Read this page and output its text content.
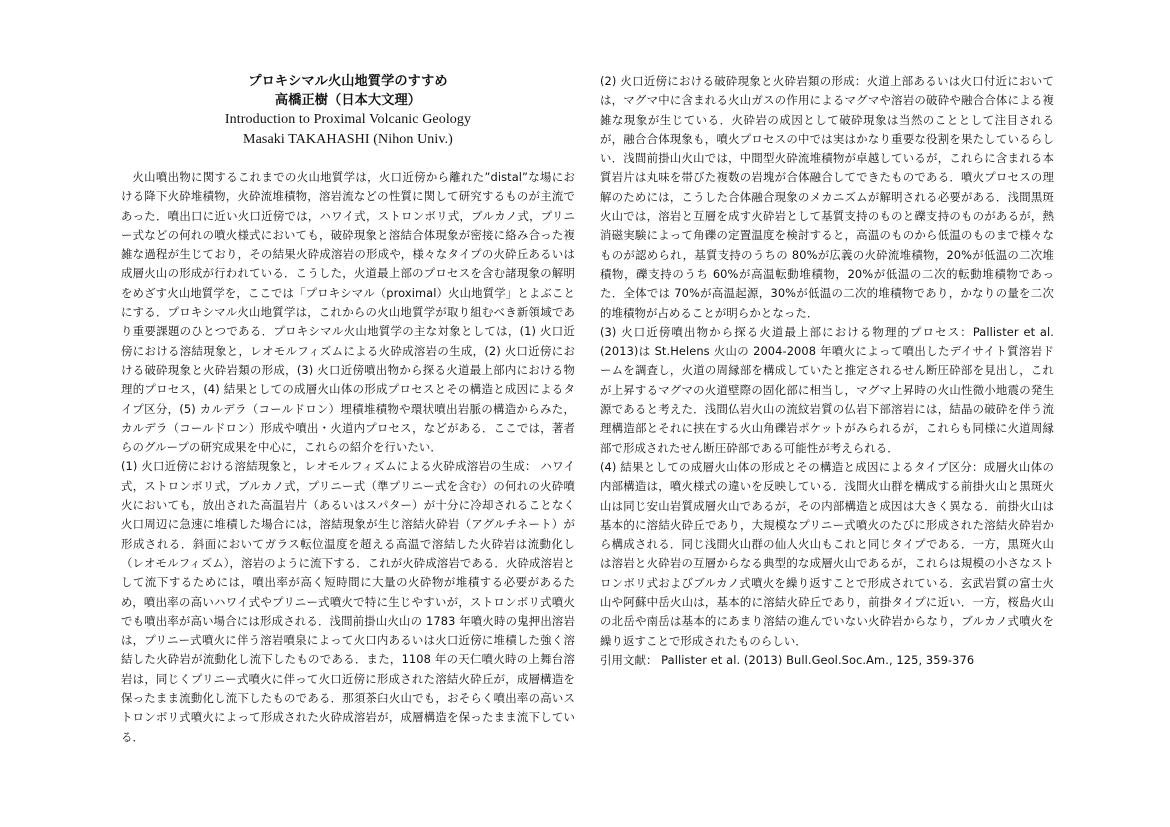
プロキシマル火山地質学のすすめ
高橋正樹（日本大文理）
Introduction to Proximal Volcanic Geology
Masaki TAKAHASHI (Nihon Univ.)

火山噴出物に関するこれまでの火山地質学は，火口近傍から離れた”distal”な場における降下火砕堆積物，火砕流堆積物，溶岩流などの性質に関して研究するものが主流であった．噴出口に近い火口近傍では，ハワイ式，ストロンボリ式，ブルカノ式，プリニー式などの何れの噴火様式においても，破砕現象と溶結合体現象が密接に絡み合った複雑な過程が生じており，その結果火砕成溶岩の形成や，様々なタイプの火砕丘あるいは成層火山の形成が行われている．こうした，火道最上部のプロセスを含む諸現象の解明をめざす火山地質学を，ここでは「プロキシマル（proximal）火山地質学」とよぶことにする．プロキシマル火山地質学は，これからの火山地質学が取り組むべき新領域であり重要課題のひとつである．プロキシマル火山地質学の主な対象としては，(1) 火口近傍における溶結現象と，レオモルフィズムによる火砕成溶岩の生成，(2) 火口近傍における破砕現象と火砕岩類の形成，(3) 火口近傍噴出物から探る火道最上部内における物理的プロセス，(4) 結果としての成層火山体の形成プロセスとその構造と成因によるタイプ区分，(5) カルデラ（コールドロン）埋積堆積物や環状噴出岩脈の構造からみた，カルデラ（コールドロン）形成や噴出・火道内プロセス，などがある．ここでは，著者らのグループの研究成果を中心に，これらの紹介を行いたい．

(1) 火口近傍における溶結現象と，レオモルフィズムによる火砕成溶岩の生成： ハワイ式，ストロンボリ式，ブルカノ式，プリニー式（準プリニー式を含む）の何れの火砕噴火においても，放出された高温岩片（あるいはスパター）が十分に冷却されることなく火口周辺に急速に堆積した場合には，溶結現象が生じ溶結火砕岩（アグルチネート）が形成される．斜面においてガラス転位温度を超える高温で溶結した火砕岩は流動化し（レオモルフィズム），溶岩のように流下する．これが火砕成溶岩である．火砕成溶岩として流下するためには，噴出率が高く短時間に大量の火砕物が堆積する必要があるため，噴出率の高いハワイ式やプリニー式噴火で特に生じやすいが，ストロンボリ式噴火でも噴出率が高い場合には形成される．浅間前掛山火山の 1783 年噴火時の鬼押出溶岩は，プリニー式噴火に伴う溶岩噴泉によって火口内あるいは火口近傍に堆積した強く溶結した火砕岩が流動化し流下したものである．また，1108 年の天仁噴火時の上舞台溶岩は，同じくプリニー式噴火に伴って火口近傍に形成された溶結火砕丘が，成層構造を保ったまま流動化し流下したものである．那須茶臼火山でも，おそらく噴出率の高いストロンボリ式噴火によって形成された火砕成溶岩が，成層構造を保ったまま流下している．

(2) 火口近傍における破砕現象と火砕岩類の形成：火道上部あるいは火口付近においては，マグマ中に含まれる火山ガスの作用によるマグマや溶岩の破砕や融合合体による複雑な現象が生じている．火砕岩の成因として破砕現象は当然のこととして注目されるが，融合合体現象も，噴火プロセスの中では実はかなり重要な役割を果たしているらしい．浅間前掛山火山では，中間型火砕流堆積物が卓越しているが，これらに含まれる本質岩片は丸味を帯びた複数の岩塊が合体融合してできたものである．噴火プロセスの理解のためには，こうした合体融合現象のメカニズムが解明される必要がある．浅間黒斑火山では，溶岩と互層を成す火砕岩として基質支持のものと礫支持のものがあるが，熱消磁実験によって角礫の定置温度を検討すると，高温のものから低温のものまで様々なものが認められ，基質支持のうちの 80%が広義の火砕流堆積物，20%が低温の二次堆積物，礫支持のうち 60%が高温転動堆積物，20%が低温の二次的転動堆積物であった．全体では 70%が高温起源，30%が低温の二次的堆積物であり，かなりの量を二次的堆積物が占めることが明らかとなった．

(3) 火口近傍噴出物から探る火道最上部における物理的プロセス：Pallister et al. (2013)は St.Helens 火山の 2004-2008 年噴火によって噴出したデイサイト質溶岩ドームを調査し，火道の周縁部を構成していたと推定されるせん断圧砕部を見出し，これが上昇するマグマの火道壁際の固化部に相当し，マグマ上昇時の火山性微小地震の発生源であると考えた．浅間仏岩火山の流紋岩質の仏岩下部溶岩には，結晶の破砕を伴う流理構造部とそれに挟在する火山角礫岩ポケットがみられるが，これらも同様に火道周縁部で形成されたせん断圧砕部である可能性が考えられる．

(4) 結果としての成層火山体の形成とその構造と成因によるタイプ区分：成層火山体の内部構造は，噴火様式の違いを反映している．浅間火山群を構成する前掛火山と黒斑火山は同じ安山岩質成層火山であるが，その内部構造と成因は大きく異なる．前掛火山は基本的に溶結火砕丘であり，大規模なプリニー式噴火のたびに形成された溶結火砕岩から構成される．同じ浅間火山群の仙人火山もこれと同じタイプである．一方，黒斑火山は溶岩と火砕岩の互層からなる典型的な成層火山であるが，これらは規模の小さなストロンボリ式およびブルカノ式噴火を繰り返すことで形成されている．玄武岩質の富士火山や阿蘇中岳火山は，基本的に溶結火砕丘であり，前掛タイプに近い．一方，桜島火山の北岳や南岳は基本的にあまり溶結の進んでいない火砕岩からなり，ブルカノ式噴火を繰り返すことで形成されたものらしい．

引用文献： Pallister et al. (2013) Bull.Geol.Soc.Am., 125, 359-376
